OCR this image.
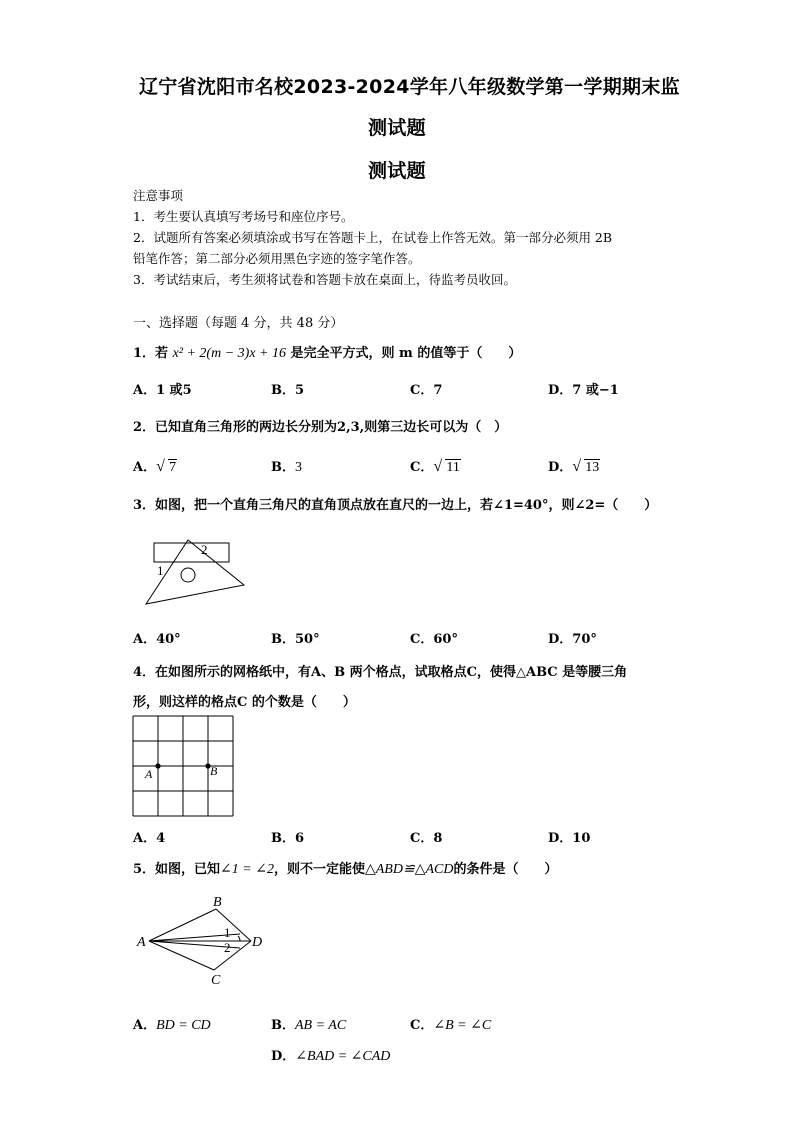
辽宁省沈阳市名校2023-2024学年八年级数学第一学期期末监
测试题
测试题
注意事项
1．考生要认真填写考场号和座位序号。
2．试题所有答案必须填涂或书写在答题卡上，在试卷上作答无效。第一部分必须用 2B
铅笔作答；第二部分必须用黑色字迹的签字笔作答。
3．考试结束后，考生须将试卷和答题卡放在桌面上，待监考员收回。
一、选择题（每题 4 分，共 48 分）
1．若 x² + 2(m − 3)x + 16 是完全平方式，则 m 的值等于（　　）
A．1 或5	B．5	C．7	D．7 或−1
2．已知直角三角形的两边长分别为2,3,则第三边长可以为（　）
A． √ 7	B．3	C． √ 11	D． √ 13
3．如图，把一个直角三角尺的直角顶点放在直尺的一边上，若∠1=40°，则∠2=（　　）
1
2
A．40°	B．50°	C．60°	D．70°
4．在如图所示的网格纸中，有A、B 两个格点，试取格点C，使得△ABC 是等腰三角
形，则这样的格点C 的个数是（　　）
A	B
A．4	B．6	C．8	D．10
5．如图，已知∠1 = ∠2，则不一定能使△ABD≌△ACD的条件是（　　）
A
B
C
D
1
2
A．BD = CD	B．AB = AC	C．∠B = ∠C
D．∠BAD = ∠CAD
